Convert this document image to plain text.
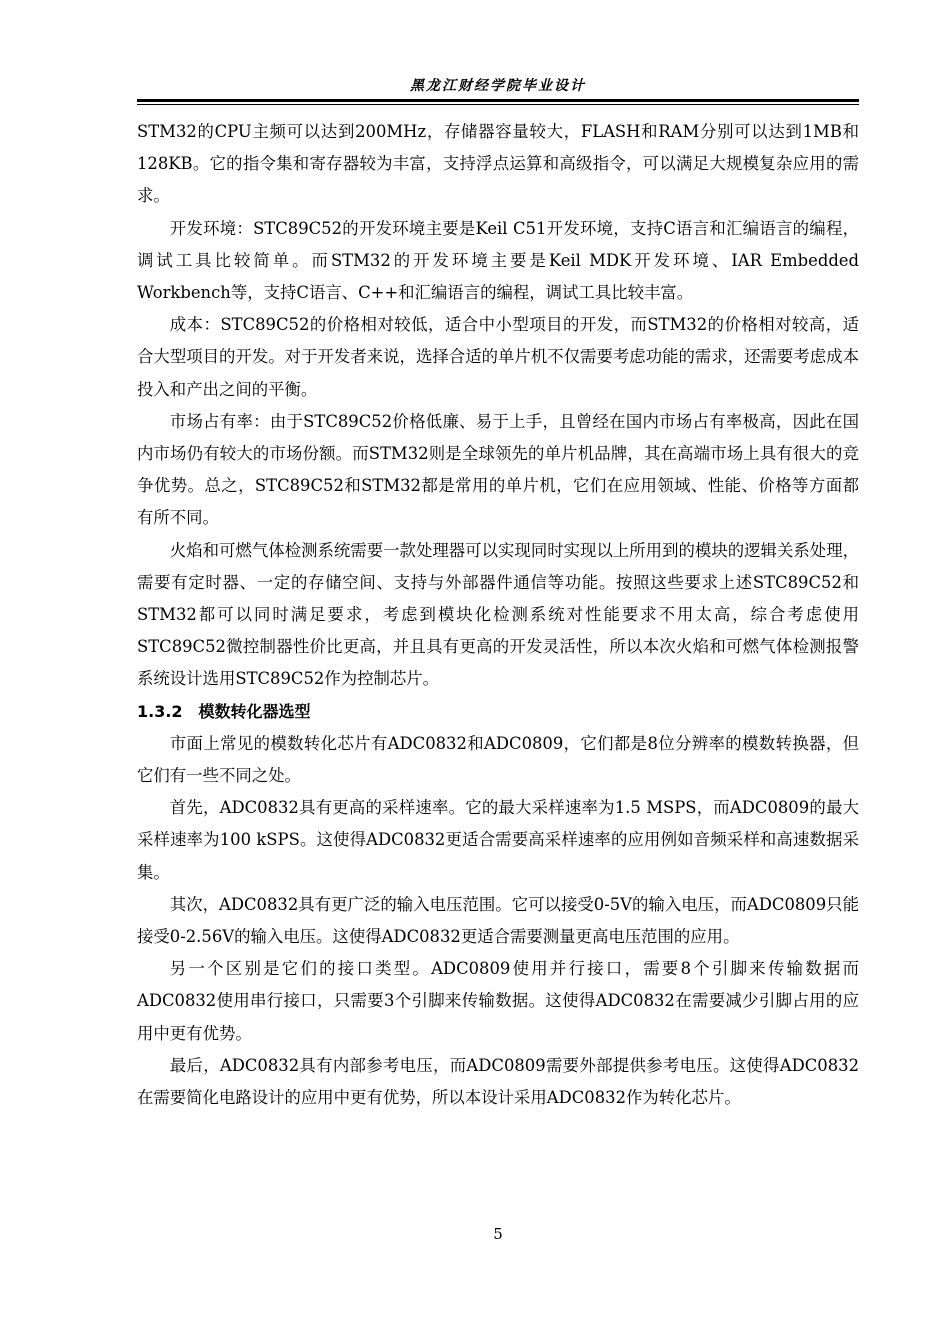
黑龙江财经学院毕业设计

STM32的CPU主频可以达到200MHz，存储器容量较大，FLASH和RAM分别可以达到1MB和128KB。它的指令集和寄存器较为丰富，支持浮点运算和高级指令，可以满足大规模复杂应用的需求。

开发环境：STC89C52的开发环境主要是Keil C51开发环境，支持C语言和汇编语言的编程，调试工具比较简单。而STM32的开发环境主要是Keil MDK开发环境、IAR Embedded Workbench等，支持C语言、C++和汇编语言的编程，调试工具比较丰富。

成本：STC89C52的价格相对较低，适合中小型项目的开发，而STM32的价格相对较高，适合大型项目的开发。对于开发者来说，选择合适的单片机不仅需要考虑功能的需求，还需要考虑成本投入和产出之间的平衡。

市场占有率：由于STC89C52价格低廉、易于上手，且曾经在国内市场占有率极高，因此在国内市场仍有较大的市场份额。而STM32则是全球领先的单片机品牌，其在高端市场上具有很大的竞争优势。总之，STC89C52和STM32都是常用的单片机，它们在应用领域、性能、价格等方面都有所不同。

火焰和可燃气体检测系统需要一款处理器可以实现同时实现以上所用到的模块的逻辑关系处理，需要有定时器、一定的存储空间、支持与外部器件通信等功能。按照这些要求上述STC89C52和STM32都可以同时满足要求，考虑到模块化检测系统对性能要求不用太高，综合考虑使用STC89C52微控制器性价比更高，并且具有更高的开发灵活性，所以本次火焰和可燃气体检测报警系统设计选用STC89C52作为控制芯片。

1.3.2　模数转化器选型

市面上常见的模数转化芯片有ADC0832和ADC0809，它们都是8位分辨率的模数转换器，但它们有一些不同之处。

首先，ADC0832具有更高的采样速率。它的最大采样速率为1.5 MSPS，而ADC0809的最大采样速率为100 kSPS。这使得ADC0832更适合需要高采样速率的应用例如音频采样和高速数据采集。

其次，ADC0832具有更广泛的输入电压范围。它可以接受0-5V的输入电压，而ADC0809只能接受0-2.56V的输入电压。这使得ADC0832更适合需要测量更高电压范围的应用。

另一个区别是它们的接口类型。ADC0809使用并行接口，需要8个引脚来传输数据而ADC0832使用串行接口，只需要3个引脚来传输数据。这使得ADC0832在需要减少引脚占用的应用中更有优势。

最后，ADC0832具有内部参考电压，而ADC0809需要外部提供参考电压。这使得ADC0832在需要简化电路设计的应用中更有优势，所以本设计采用ADC0832作为转化芯片。

5
